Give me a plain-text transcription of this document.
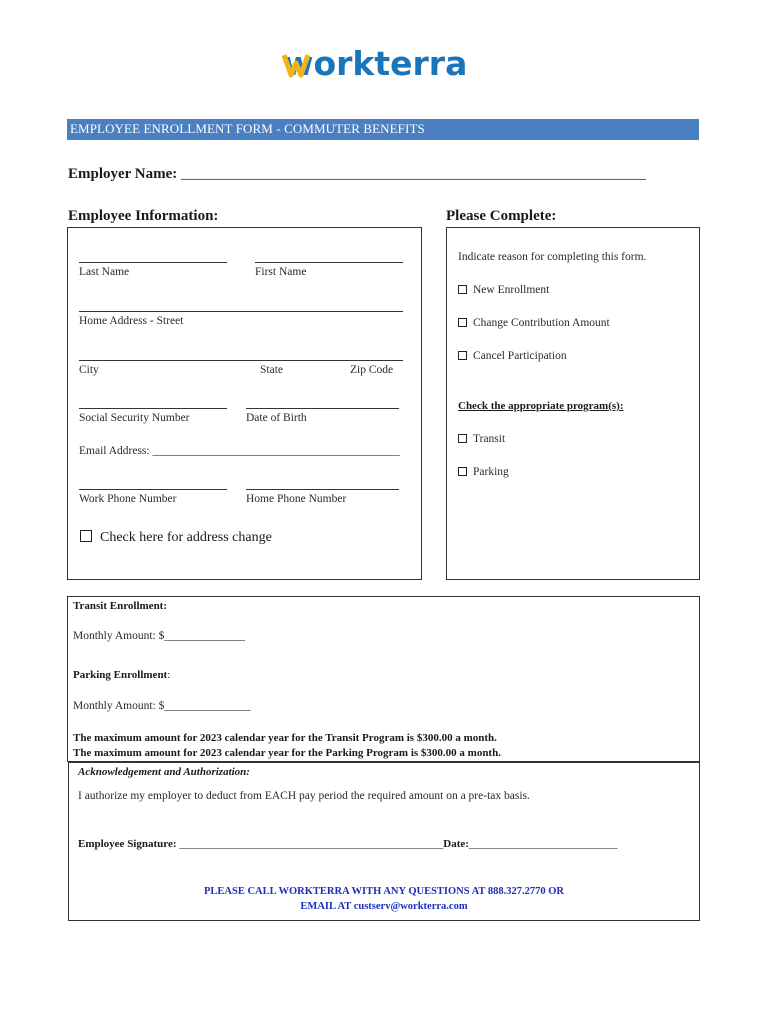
workterra
EMPLOYEE ENROLLMENT FORM - COMMUTER BENEFITS
Employer Name: ______________________________________________________________
Employee Information:	Please Complete:
Last Name	First Name
Home Address - Street
City	State	Zip Code
Social Security Number	Date of Birth
Email Address: ___________________________________________
Work Phone Number	Home Phone Number
Check here for address change
Indicate reason for completing this form.
New Enrollment
Change Contribution Amount
Cancel Participation
Check the appropriate program(s):
Transit
Parking
Transit Enrollment:
Monthly Amount: $______________
Parking Enrollment:
Monthly Amount: $_______________
The maximum amount for 2023 calendar year for the Transit Program is $300.00 a month.
The maximum amount for 2023 calendar year for the Parking Program is $300.00 a month.
Acknowledgement and Authorization:
I authorize my employer to deduct from EACH pay period the required amount on a pre-tax basis.
Employee Signature: ________________________________________________Date:___________________________
PLEASE CALL WORKTERRA WITH ANY QUESTIONS AT 888.327.2770 OR
EMAIL AT custserv@workterra.com
